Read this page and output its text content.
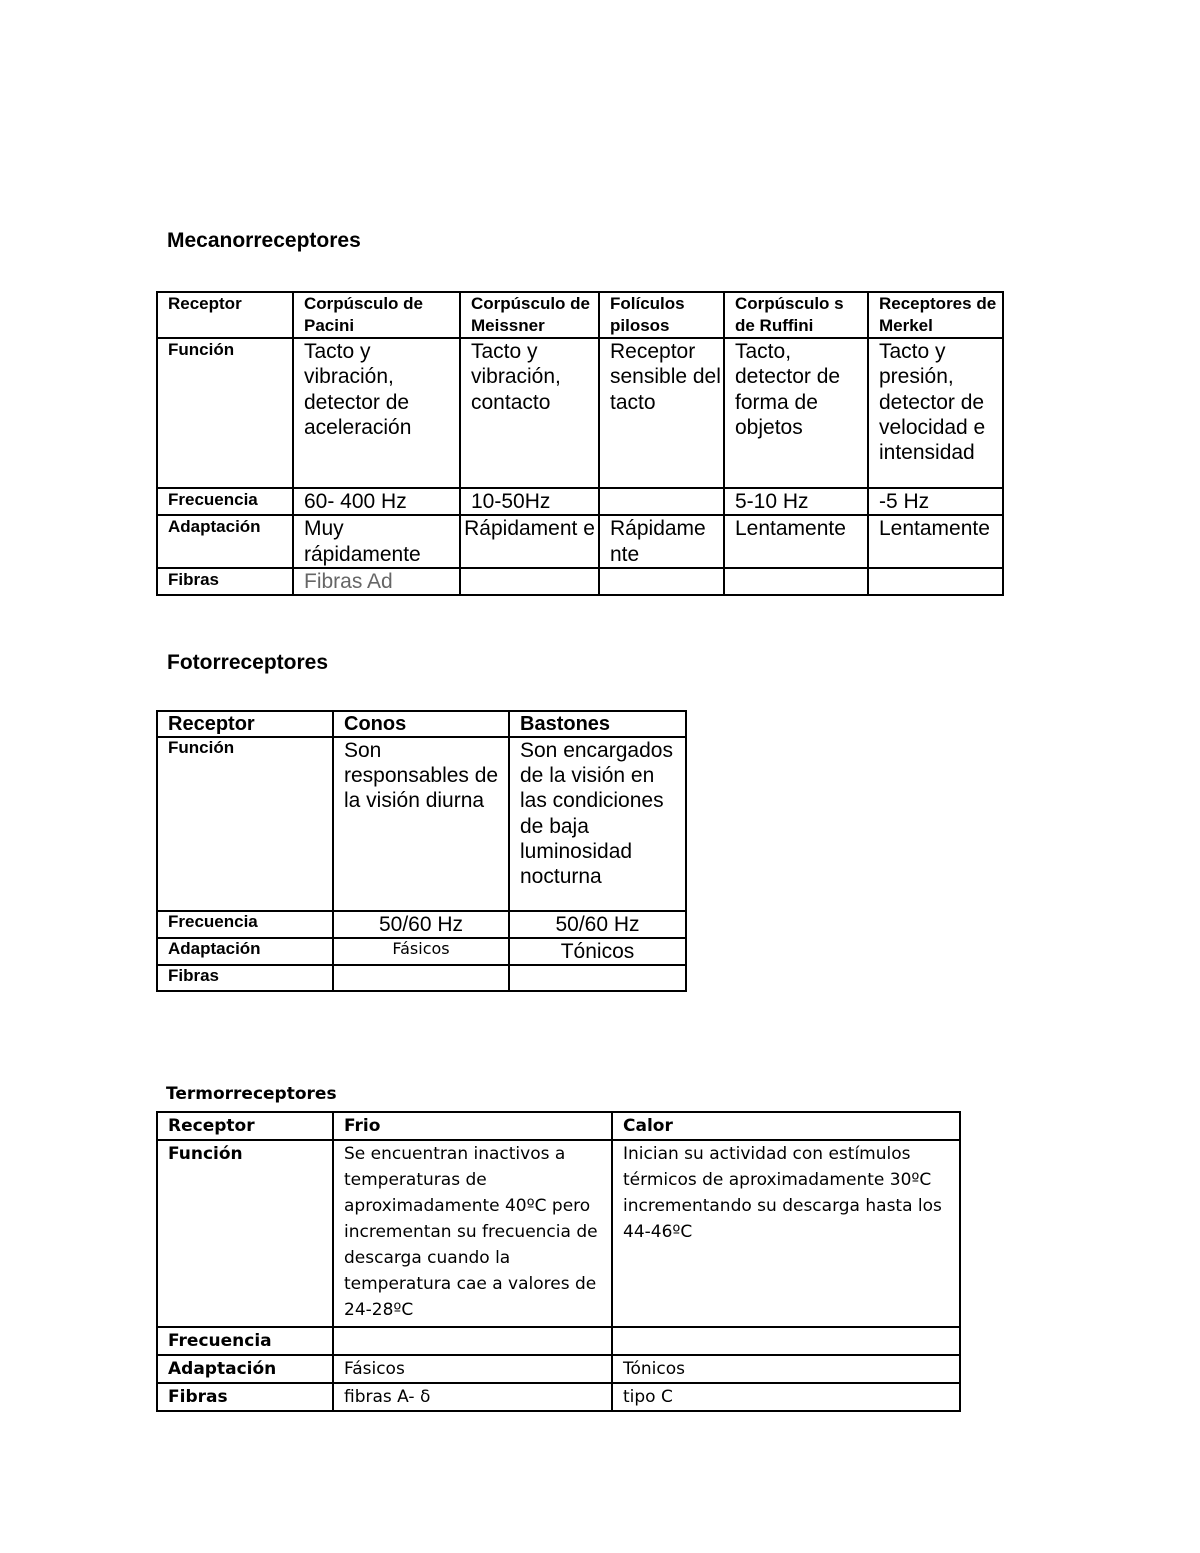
Mecanorreceptores
Receptor	Corpúsculo de Pacini	Corpúsculo de Meissner	Folículos pilosos	Corpúsculo s de Ruffini	Receptores de Merkel
Función	Tacto y vibración, detector de aceleración	Tacto y vibración, contacto	Receptor sensible del tacto	Tacto, detector de forma de objetos	Tacto y presión, detector de velocidad e intensidad
Frecuencia	60- 400 Hz	10-50Hz		5-10 Hz	-5 Hz
Adaptación	Muy rápidamente	Rápidament e	Rápidame nte	Lentamente	Lentamente
Fibras	Fibras Ad				
Fotorreceptores
Receptor	Conos	Bastones
Función	Son responsables de la visión diurna	Son encargados de la visión en las condiciones de baja luminosidad nocturna
Frecuencia	50/60 Hz	50/60 Hz
Adaptación	Fásicos	Tónicos
Fibras		
Termorreceptores
Receptor	Frio	Calor
Función	Se encuentran inactivos a temperaturas de aproximadamente 40ºC pero incrementan su frecuencia de descarga cuando la temperatura cae a valores de 24-28ºC	Inician su actividad con estímulos térmicos de aproximadamente 30ºC incrementando su descarga hasta los 44-46ºC
Frecuencia		
Adaptación	Fásicos	Tónicos
Fibras	fibras A- δ	tipo C
